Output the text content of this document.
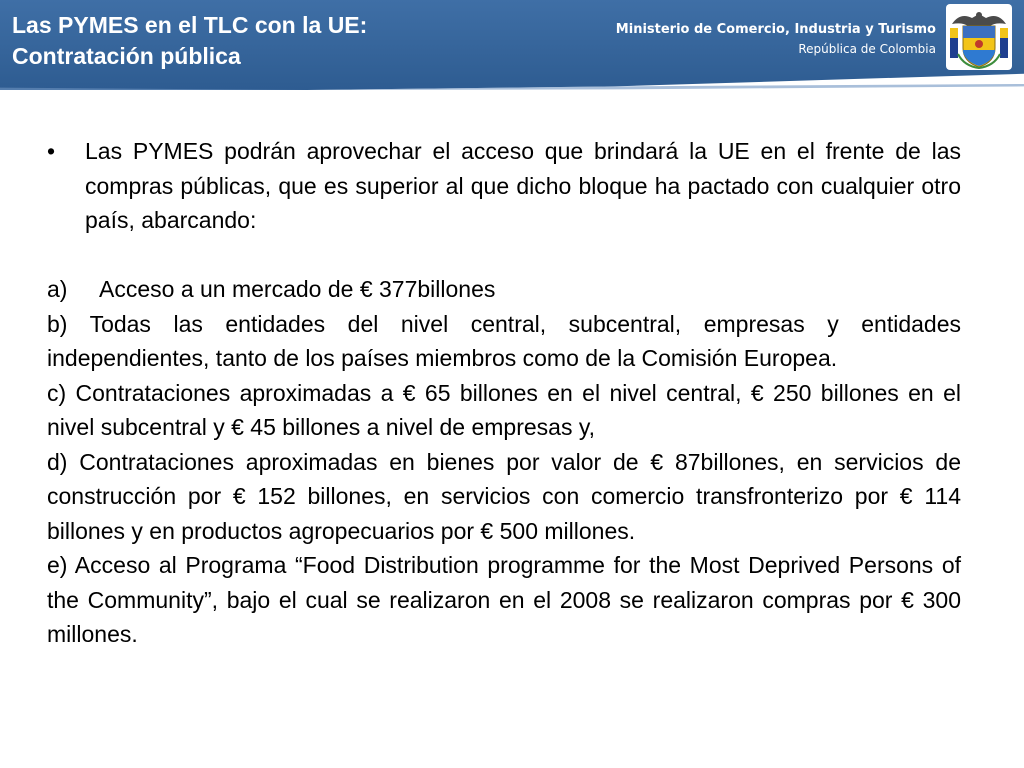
Las PYMES en el TLC con la UE:
Contratación pública
Ministerio de Comercio, Industria y Turismo
República de Colombia
• Las PYMES podrán aprovechar el acceso que brindará la UE en el frente de las compras públicas, que es superior al que dicho bloque ha pactado con cualquier otro país, abarcando:
a)	Acceso a un mercado de € 377billones
b) Todas las entidades del nivel central, subcentral, empresas y entidades independientes, tanto de los países miembros como de la Comisión Europea.
c) Contrataciones aproximadas a € 65 billones en el nivel central, € 250 billones en el nivel subcentral y € 45 billones a nivel de empresas y,
d) Contrataciones aproximadas en bienes por valor de € 87billones, en servicios de construcción por € 152 billones, en servicios con comercio transfronterizo por € 114 billones y en productos agropecuarios por € 500 millones.
e) Acceso al Programa “Food Distribution programme for the Most Deprived Persons of the Community”, bajo el cual se realizaron en el 2008 se realizaron compras por € 300 millones.
